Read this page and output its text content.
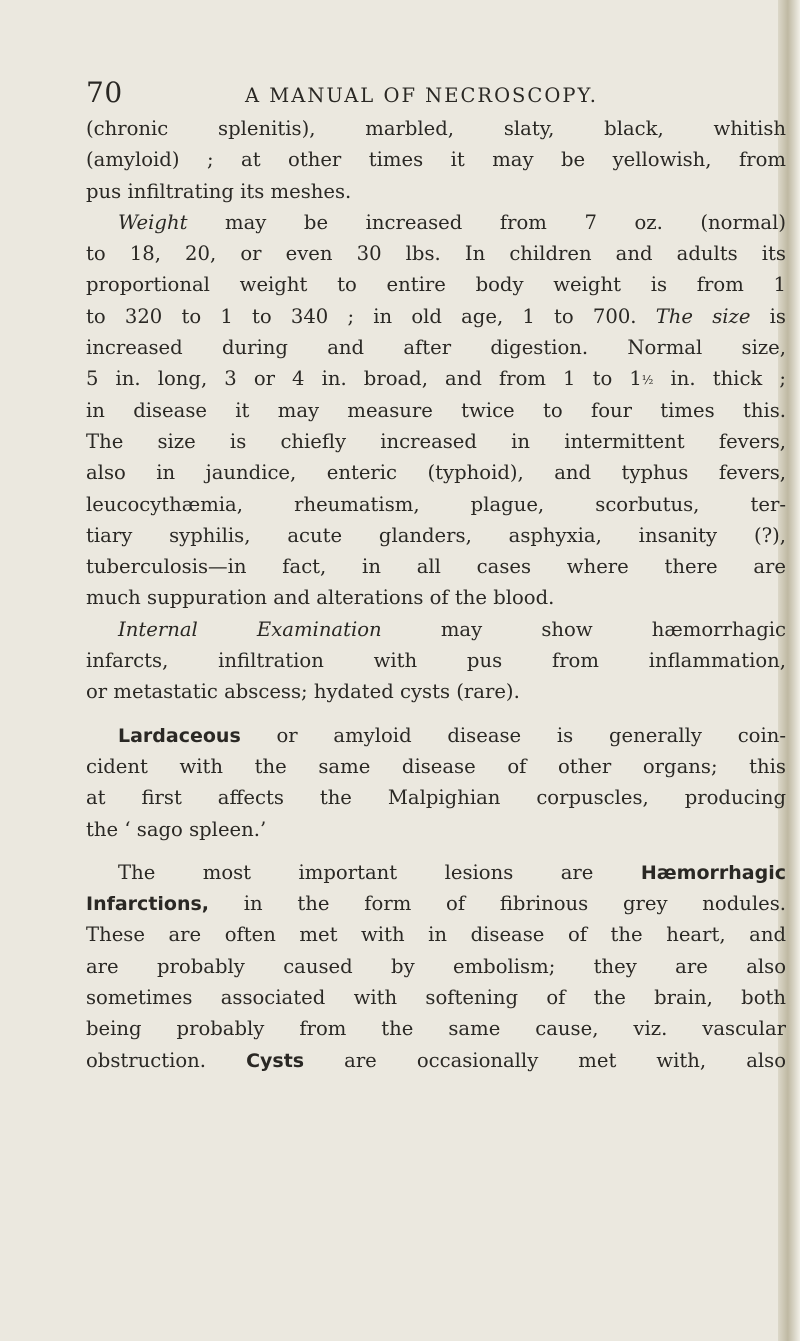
70	A MANUAL OF NECROSCOPY.
(chronic splenitis), marbled, slaty, black, whitish
(amyloid) ; at other times it may be yellowish, from
pus infiltrating its meshes.
Weight may be increased from 7 oz. (normal)
to 18, 20, or even 30 lbs. In children and adults its
proportional weight to entire body weight is from 1
to 320 to 1 to 340 ; in old age, 1 to 700. The size is
increased during and after digestion. Normal size,
5 in. long, 3 or 4 in. broad, and from 1 to 1½ in. thick ;
in disease it may measure twice to four times this.
The size is chiefly increased in intermittent fevers,
also in jaundice, enteric (typhoid), and typhus fevers,
leucocythæmia, rheumatism, plague, scorbutus, ter-
tiary syphilis, acute glanders, asphyxia, insanity (?),
tuberculosis—in fact, in all cases where there are
much suppuration and alterations of the blood.
Internal Examination may show hæmorrhagic
infarcts, infiltration with pus from inflammation,
or metastatic abscess; hydated cysts (rare).
Lardaceous or amyloid disease is generally coin-
cident with the same disease of other organs; this
at first affects the Malpighian corpuscles, producing
the ‘ sago spleen.’
The most important lesions are Hæmorrhagic
Infarctions, in the form of fibrinous grey nodules.
These are often met with in disease of the heart, and
are probably caused by embolism; they are also
sometimes associated with softening of the brain, both
being probably from the same cause, viz. vascular
obstruction. Cysts are occasionally met with, also
